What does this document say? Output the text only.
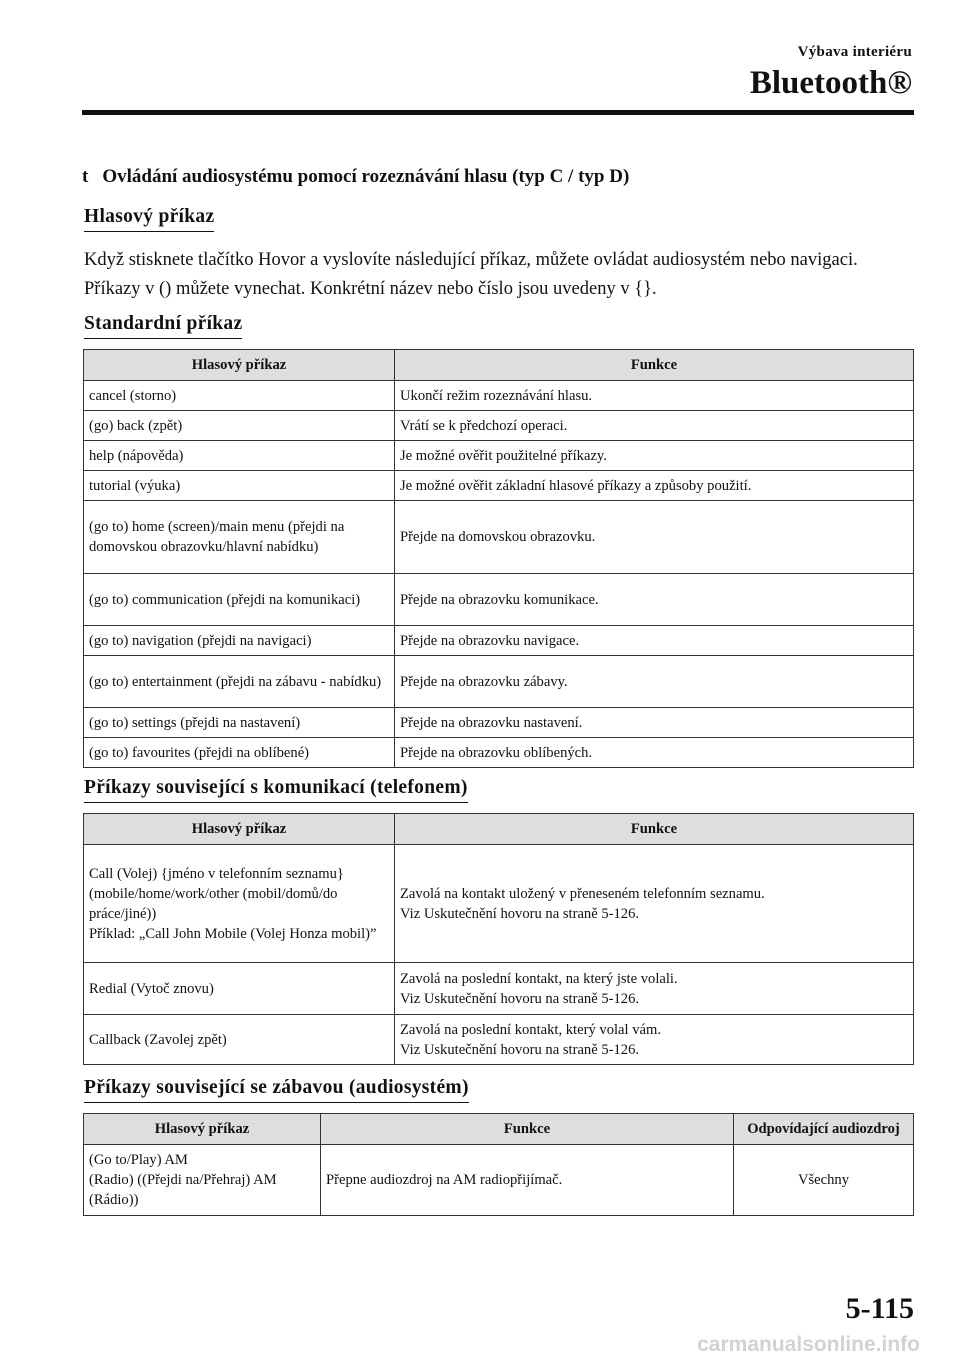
Výbava interiéru
Bluetooth®
t Ovládání audiosystému pomocí rozeznávání hlasu (typ C / typ D)
Hlasový příkaz
Když stisknete tlačítko Hovor a vyslovíte následující příkaz, můžete ovládat audiosystém nebo navigaci. Příkazy v () můžete vynechat. Konkrétní název nebo číslo jsou uvedeny v {}.
Standardní příkaz
Hlasový příkaz	Funkce
cancel (storno)	Ukončí režim rozeznávání hlasu.
(go) back (zpět)	Vrátí se k předchozí operaci.
help (nápověda)	Je možné ověřit použitelné příkazy.
tutorial (výuka)	Je možné ověřit základní hlasové příkazy a způsoby použití.
(go to) home (screen)/main menu (přejdi na domovskou obrazovku/hlavní nabídku)	Přejde na domovskou obrazovku.
(go to) communication (přejdi na komunikaci)	Přejde na obrazovku komunikace.
(go to) navigation (přejdi na navigaci)	Přejde na obrazovku navigace.
(go to) entertainment (přejdi na zábavu - nabídku)	Přejde na obrazovku zábavy.
(go to) settings (přejdi na nastavení)	Přejde na obrazovku nastavení.
(go to) favourites (přejdi na oblíbené)	Přejde na obrazovku oblíbených.
Příkazy související s komunikací (telefonem)
Hlasový příkaz	Funkce
Call (Volej) {jméno v telefonním seznamu} (mobile/home/work/other (mobil/domů/do práce/jiné))
Příklad: „Call John Mobile (Volej Honza mobil)”	Zavolá na kontakt uložený v přeneseném telefonním seznamu.
Viz Uskutečnění hovoru na straně 5-126.
Redial (Vytoč znovu)	Zavolá na poslední kontakt, na který jste volali.
Viz Uskutečnění hovoru na straně 5-126.
Callback (Zavolej zpět)	Zavolá na poslední kontakt, který volal vám.
Viz Uskutečnění hovoru na straně 5-126.
Příkazy související se zábavou (audiosystém)
Hlasový příkaz	Funkce	Odpovídající audiozdroj
(Go to/Play) AM
(Radio) ((Přejdi na/Přehraj) AM (Rádio))	Přepne audiozdroj na AM radiopřijímač.	Všechny
5-115
carmanualsonline.info
